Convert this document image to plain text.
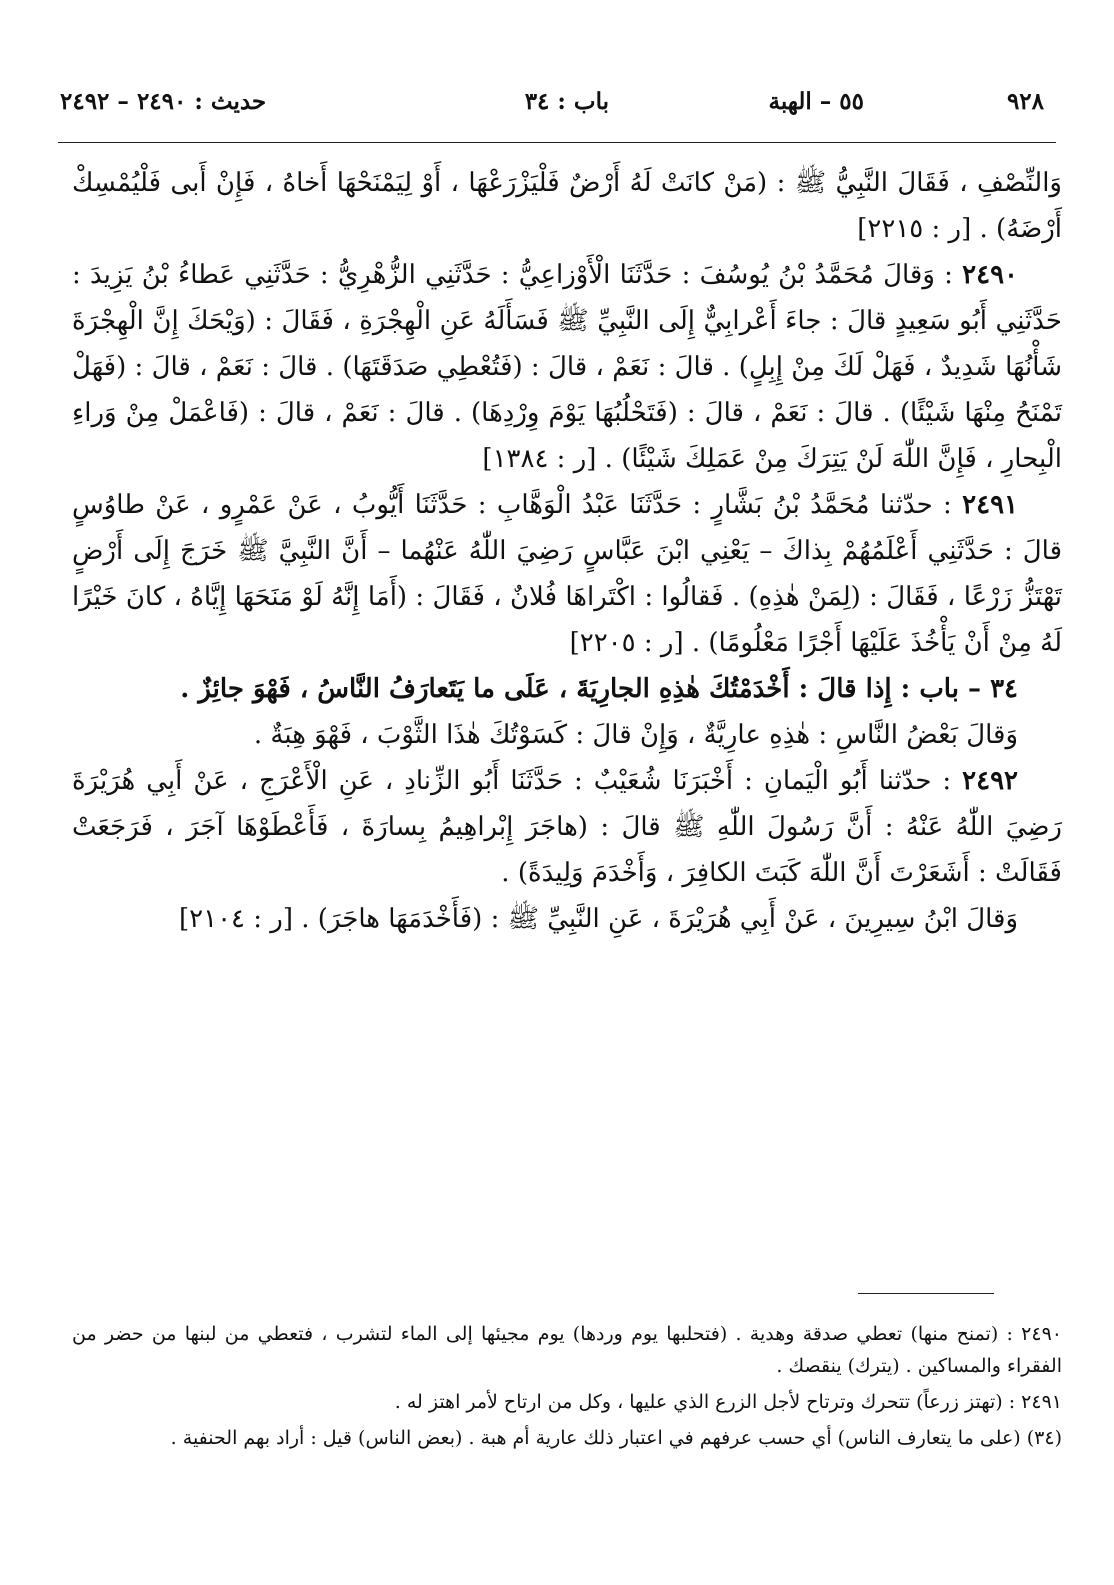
٩٢٨
٥٥ – الهبة
باب : ٣٤
حديث : ٢٤٩٠ – ٢٤٩٢

وَالنِّصْفِ ، فَقَالَ النَّبِيُّ ﷺ : (مَنْ كانَتْ لَهُ أَرْضٌ فَلْيَزْرَعْهَا ، أَوْ لِيَمْنَحْهَا أَخاهُ ، فَإِنْ أَبى فَلْيُمْسِكْ أَرْضَهُ) . [ر : ٢٢١٥]

٢٤٩٠ : وَقالَ مُحَمَّدُ بْنُ يُوسُفَ : حَدَّثَنَا الْأَوْزاعِيُّ : حَدَّثَنِي الزُّهْرِيُّ : حَدَّثَنِي عَطاءُ بْنُ يَزِيدَ : حَدَّثَنِي أَبُو سَعِيدٍ قالَ : جاءَ أَعْرابِيٌّ إِلَى النَّبِيِّ ﷺ فَسَأَلَهُ عَنِ الْهِجْرَةِ ، فَقَالَ : (وَيْحَكَ إِنَّ الْهِجْرَةَ شَأْنُهَا شَدِيدٌ ، فَهَلْ لَكَ مِنْ إِبِلٍ) . قالَ : نَعَمْ ، قالَ : (فَتُعْطِي صَدَقَتَهَا) . قالَ : نَعَمْ ، قالَ : (فَهَلْ تَمْنَحُ مِنْهَا شَيْئًا) . قالَ : نَعَمْ ، قالَ : (فَتَحْلُبُهَا يَوْمَ وِرْدِهَا) . قالَ : نَعَمْ ، قالَ : (فَاعْمَلْ مِنْ وَراءِ الْبِحارِ ، فَإِنَّ اللّٰهَ لَنْ يَتِرَكَ مِنْ عَمَلِكَ شَيْئًا) . [ر : ١٣٨٤]

٢٤٩١ : حدّثنا مُحَمَّدُ بْنُ بَشَّارٍ : حَدَّثَنَا عَبْدُ الْوَهَّابِ : حَدَّثَنَا أَيُّوبُ ، عَنْ عَمْرٍو ، عَنْ طاوُسٍ قالَ : حَدَّثَنِي أَعْلَمُهُمْ بِذاكَ – يَعْنِي ابْنَ عَبَّاسٍ رَضِيَ اللّٰهُ عَنْهُما – أَنَّ النَّبِيَّ ﷺ خَرَجَ إِلَى أَرْضٍ تَهْتَزُّ زَرْعًا ، فَقَالَ : (لِمَنْ هٰذِهِ) . فَقالُوا : اكْتَراهَا فُلانٌ ، فَقَالَ : (أَمَا إِنَّهُ لَوْ مَنَحَهَا إِيَّاهُ ، كانَ خَيْرًا لَهُ مِنْ أَنْ يَأْخُذَ عَلَيْهَا أَجْرًا مَعْلُومًا) . [ر : ٢٢٠٥]

٣٤ – باب : إِذا قالَ : أَخْدَمْتُكَ هٰذِهِ الجارِيَةَ ، عَلَى ما يَتَعارَفُ النَّاسُ ، فَهْوَ جائِزٌ .

وَقالَ بَعْضُ النَّاسِ : هٰذِهِ عارِيَّةٌ ، وَإِنْ قالَ : كَسَوْتُكَ هٰذَا الثَّوْبَ ، فَهْوَ هِبَةٌ .

٢٤٩٢ : حدّثنا أَبُو الْيَمانِ : أَخْبَرَنَا شُعَيْبٌ : حَدَّثَنَا أَبُو الزِّنادِ ، عَنِ الْأَعْرَجِ ، عَنْ أَبِي هُرَيْرَةَ رَضِيَ اللّٰهُ عَنْهُ : أَنَّ رَسُولَ اللّٰهِ ﷺ قالَ : (هاجَرَ إِبْراهِيمُ بِسارَةَ ، فَأَعْطَوْهَا آجَرَ ، فَرَجَعَتْ فَقَالَتْ : أَشَعَرْتَ أَنَّ اللّٰهَ كَبَتَ الكافِرَ ، وَأَخْدَمَ وَلِيدَةً) .

وَقالَ ابْنُ سِيرِينَ ، عَنْ أَبِي هُرَيْرَةَ ، عَنِ النَّبِيِّ ﷺ : (فَأَخْدَمَهَا هاجَرَ) . [ر : ٢١٠٤]

٢٤٩٠ : (تمنح منها) تعطي صدقة وهدية . (فتحلبها يوم وردها) يوم مجيئها إلى الماء لتشرب ، فتعطي من لبنها من حضر من الفقراء والمساكين . (يترك) ينقصك .

٢٤٩١ : (تهتز زرعاً) تتحرك وترتاح لأجل الزرع الذي عليها ، وكل من ارتاح لأمر اهتز له .

(٣٤) (على ما يتعارف الناس) أي حسب عرفهم في اعتبار ذلك عارية أم هبة . (بعض الناس) قيل : أراد بهم الحنفية .
